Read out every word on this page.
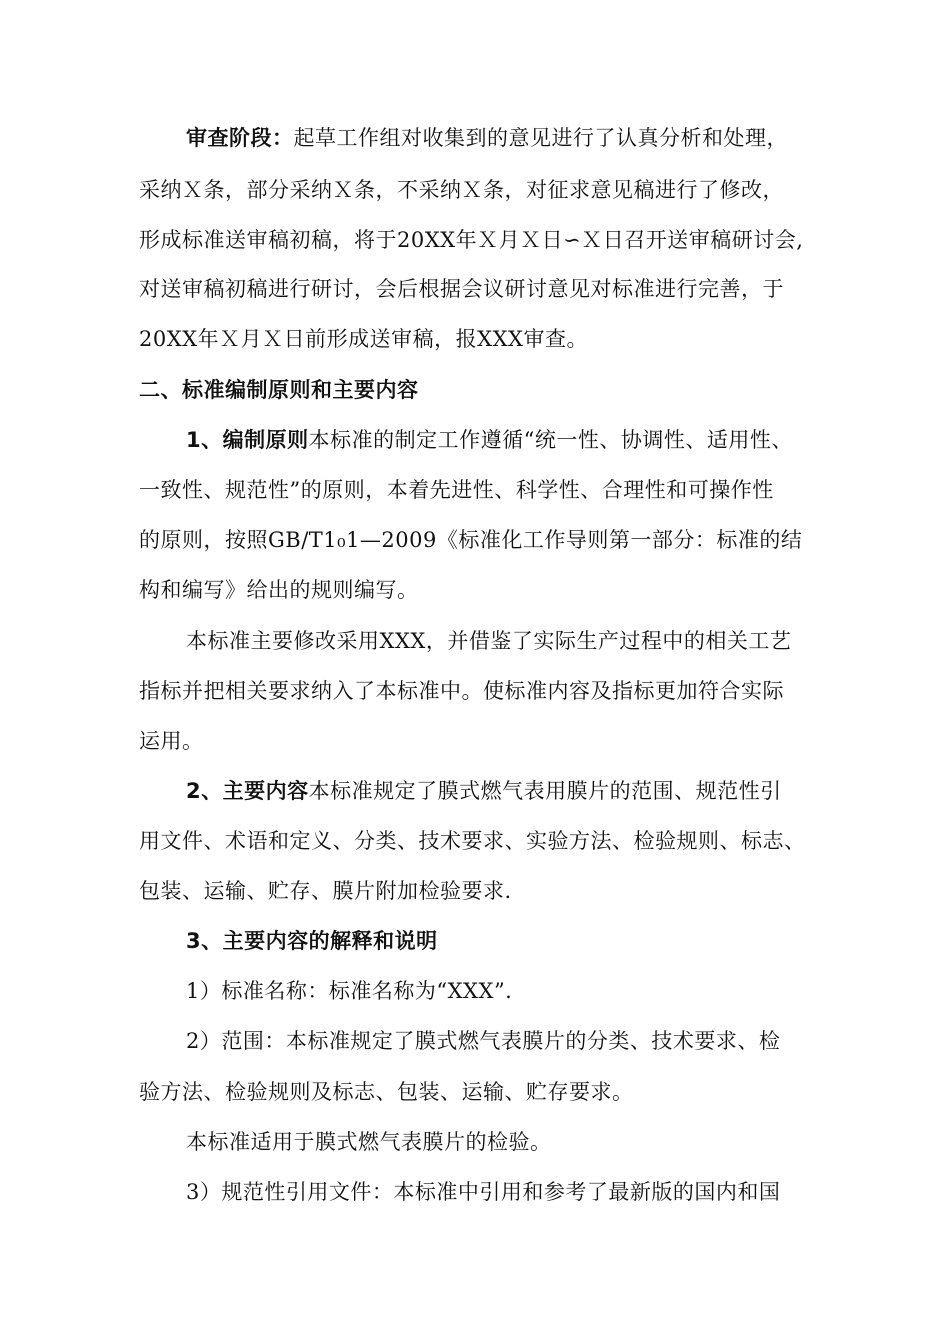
审查阶段：起草工作组对收集到的意见进行了认真分析和处理，
采纳Ｘ条，部分采纳Ｘ条，不采纳Ｘ条，对征求意见稿进行了修改，
形成标准送审稿初稿，将于20XX年Ｘ月Ｘ日∽Ｘ日召开送审稿研讨会,
对送审稿初稿进行研讨，会后根据会议研讨意见对标准进行完善，于
20XX年Ｘ月Ｘ日前形成送审稿，报XXX审查。
二、标准编制原则和主要内容
1、编制原则本标准的制定工作遵循“统一性、协调性、适用性、
一致性、规范性”的原则，本着先进性、科学性、合理性和可操作性
的原则，按照GB/T1₀1—2009《标准化工作导则第一部分：标准的结
构和编写》给出的规则编写。
本标准主要修改采用XXX，并借鉴了实际生产过程中的相关工艺
指标并把相关要求纳入了本标准中。使标准内容及指标更加符合实际
运用。
2、主要内容本标准规定了膜式燃气表用膜片的范围、规范性引
用文件、术语和定义、分类、技术要求、实验方法、检验规则、标志、
包装、运输、贮存、膜片附加检验要求.
3、主要内容的解释和说明
1）标准名称：标准名称为“XXX”.
2）范围：本标准规定了膜式燃气表膜片的分类、技术要求、检
验方法、检验规则及标志、包装、运输、贮存要求。
本标准适用于膜式燃气表膜片的检验。
3）规范性引用文件：本标准中引用和参考了最新版的国内和国
